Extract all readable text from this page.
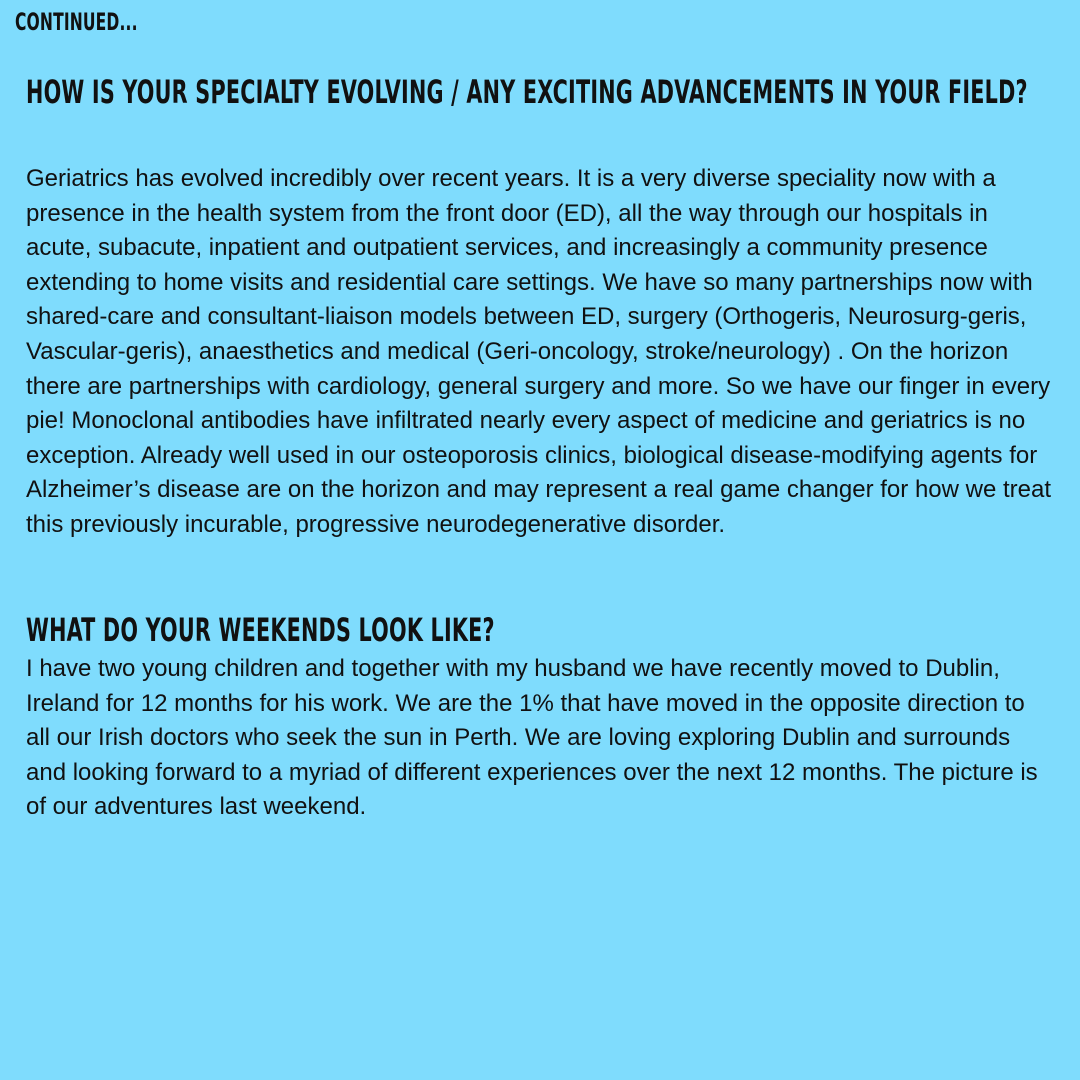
CONTINUED...
HOW IS YOUR SPECIALTY EVOLVING / ANY EXCITING ADVANCEMENTS IN YOUR FIELD?

Geriatrics has evolved incredibly over recent years. It is a very diverse speciality now with a presence in the health system from the front door (ED), all the way through our hospitals in acute, subacute, inpatient and outpatient services, and increasingly a community presence extending to home visits and residential care settings. We have so many partnerships now with shared-care and consultant-liaison models between ED, surgery (Orthogeris, Neurosurg-geris, Vascular-geris), anaesthetics and medical (Geri-oncology, stroke/neurology) . On the horizon there are partnerships with cardiology, general surgery and more. So we have our finger in every pie! Monoclonal antibodies have infiltrated nearly every aspect of medicine and geriatrics is no exception. Already well used in our osteoporosis clinics, biological disease-modifying agents for Alzheimer’s disease are on the horizon and may represent a real game changer for how we treat this previously incurable, progressive neurodegenerative disorder.

WHAT DO YOUR WEEKENDS LOOK LIKE?

I have two young children and together with my husband we have recently moved to Dublin, Ireland for 12 months for his work. We are the 1% that have moved in the opposite direction to all our Irish doctors who seek the sun in Perth. We are loving exploring Dublin and surrounds and looking forward to a myriad of different experiences over the next 12 months. The picture is of our adventures last weekend.
